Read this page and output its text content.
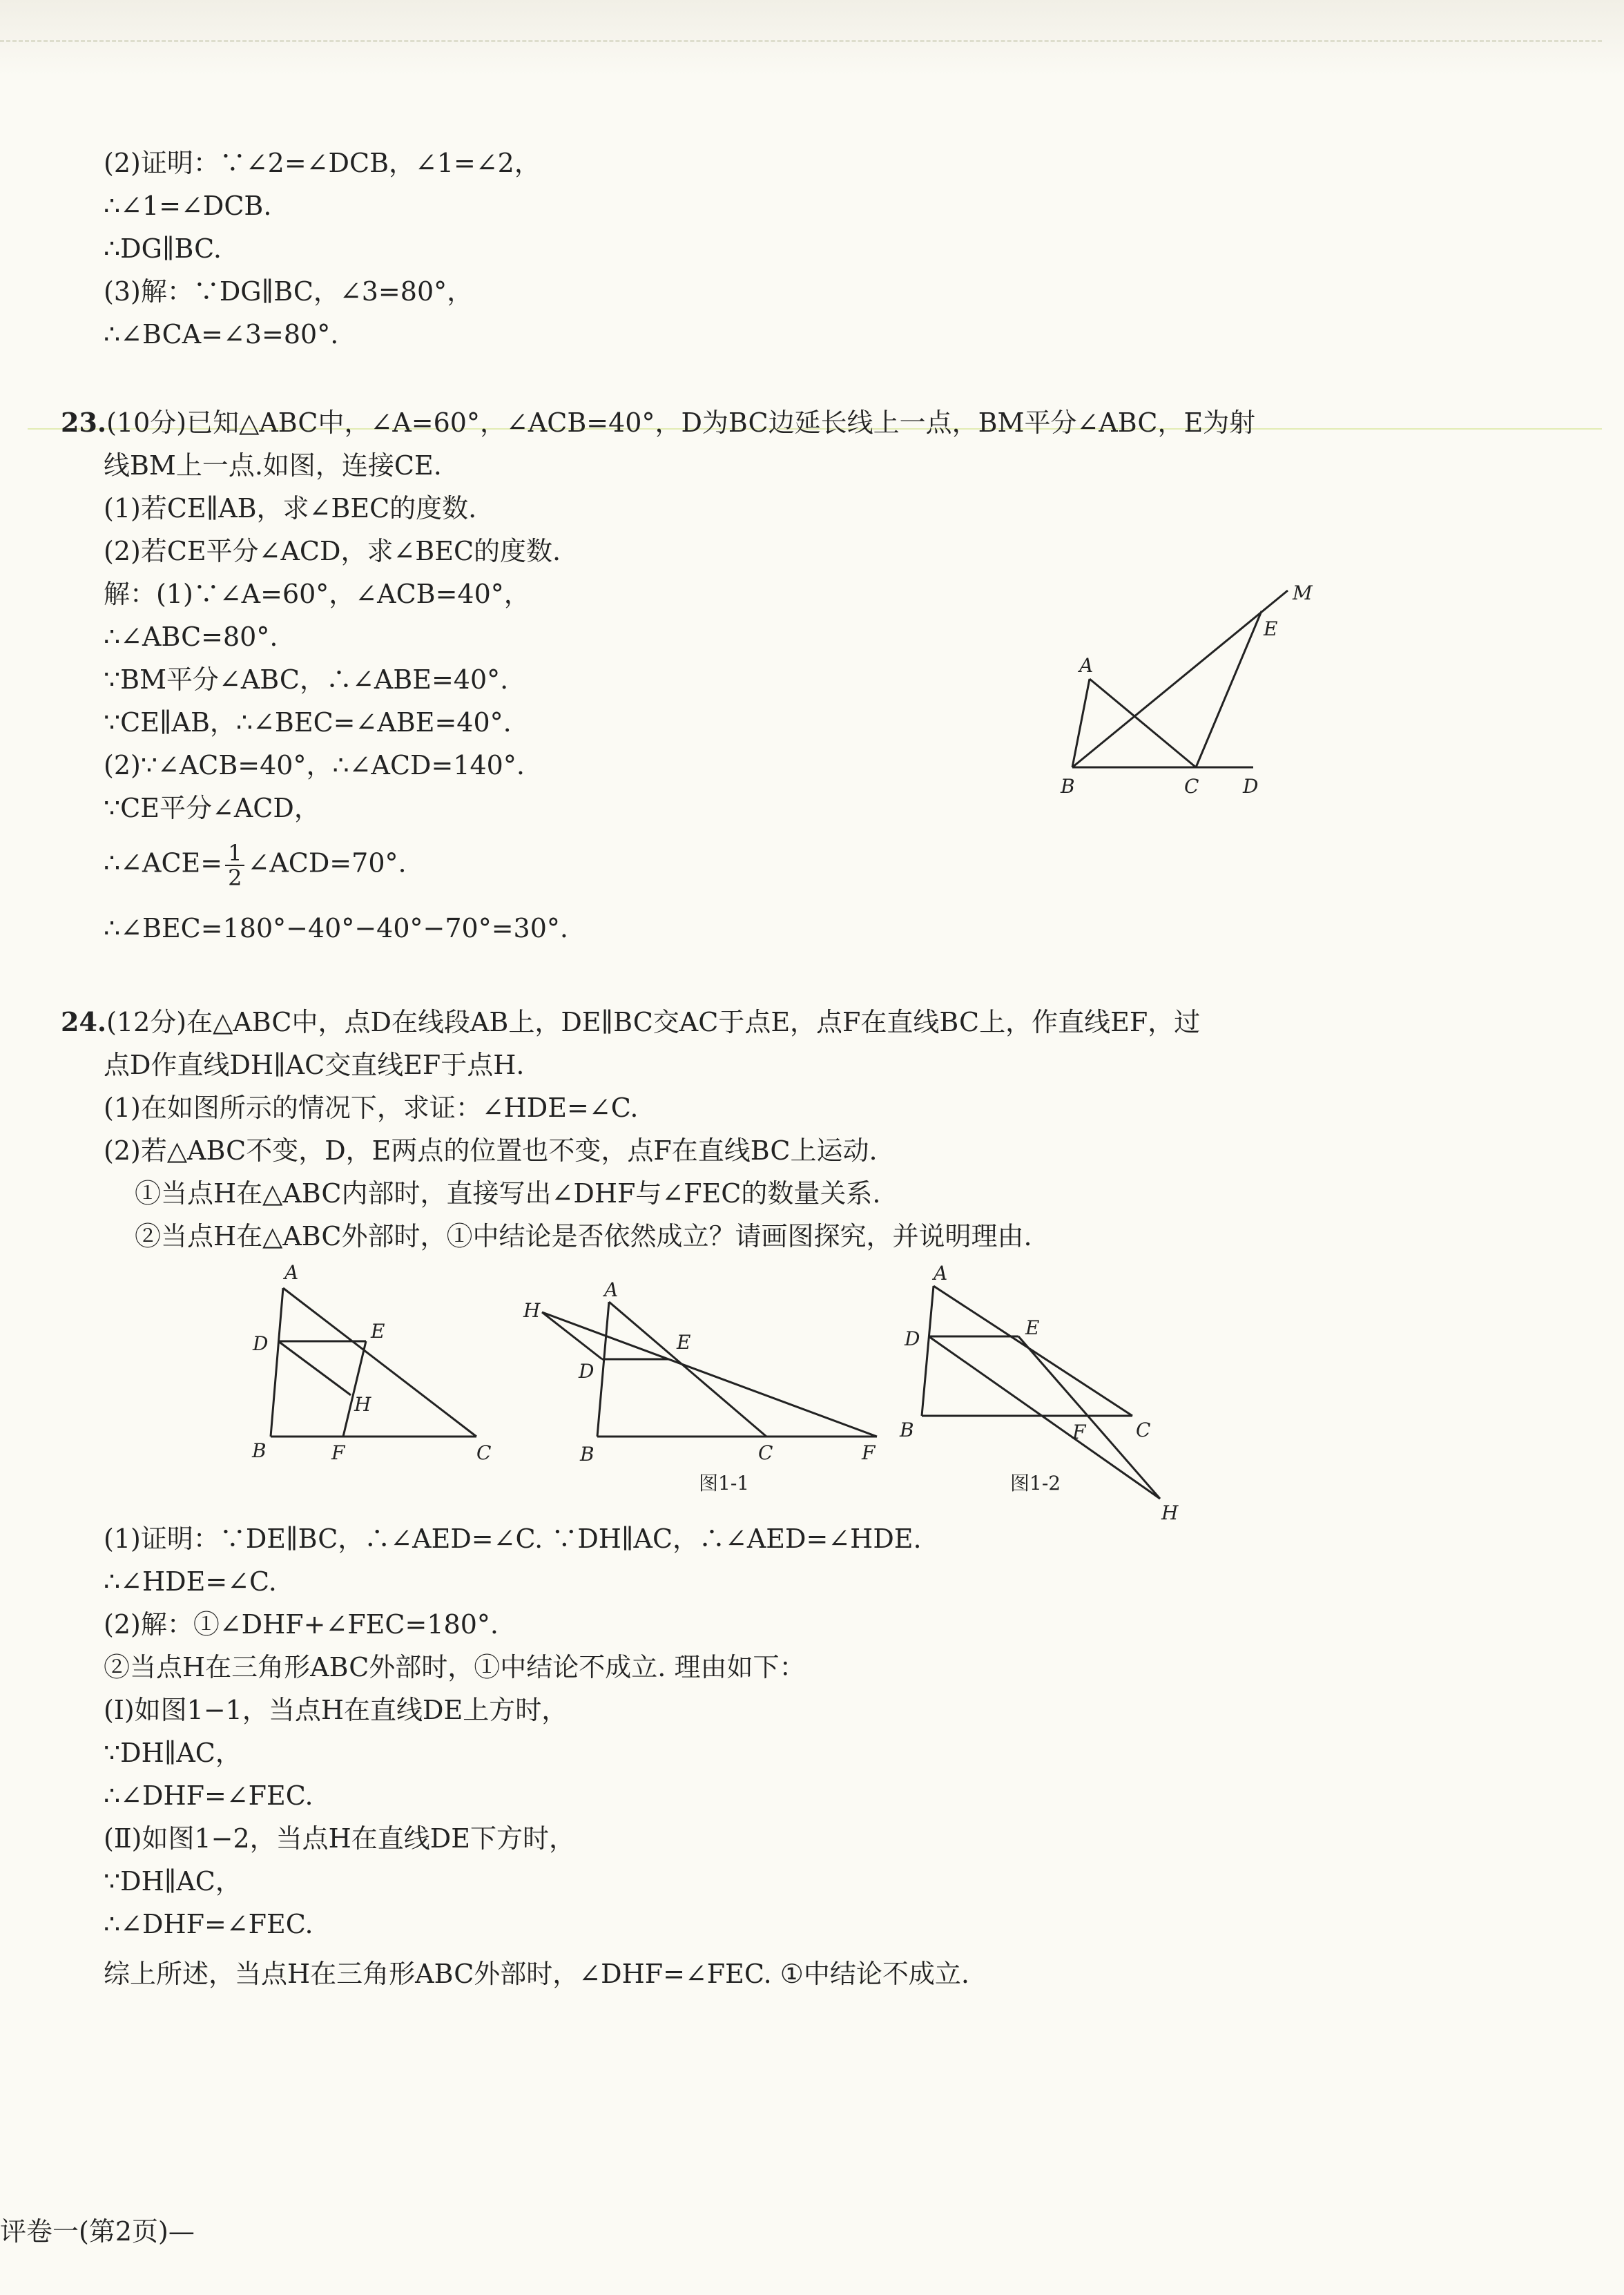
(2)证明：∵∠2=∠DCB，∠1=∠2，
∴∠1=∠DCB.
∴DG∥BC.
(3)解：∵DG∥BC，∠3=80°，
∴∠BCA=∠3=80°.
23.(10分)已知△ABC中，∠A=60°，∠ACB=40°，D为BC边延长线上一点，BM平分∠ABC，E为射
线BM上一点.如图，连接CE.
(1)若CE∥AB，求∠BEC的度数.
(2)若CE平分∠ACD，求∠BEC的度数.
解：(1)∵∠A=60°，∠ACB=40°，
∴∠ABC=80°.
∵BM平分∠ABC，∴∠ABE=40°.
∵CE∥AB，∴∠BEC=∠ABE=40°.
(2)∵∠ACB=40°，∴∠ACD=140°.
∵CE平分∠ACD，
∴∠ACE= $\frac{1}{2}$ ∠ACD=70°.
∴∠BEC=180°−40°−40°−70°=30°.
A
B	C D
E
M
24.(12分)在△ABC中，点D在线段AB上，DE∥BC交AC于点E，点F在直线BC上，作直线EF，过
点D作直线DH∥AC交直线EF于点H.
(1)在如图所示的情况下，求证：∠HDE=∠C.
(2)若△ABC不变，D，E两点的位置也不变，点F在直线BC上运动.
①当点H在△ABC内部时，直接写出∠DHF与∠FEC的数量关系.
②当点H在△ABC外部时，①中结论是否依然成立？请画图探究，并说明理由.
A
B	C
D
E
F
H
H
A
D
E
B	C	F
图1-1
A
D	E
B	F	C
H
图1-2
(1)证明：∵DE∥BC，∴∠AED=∠C. ∵DH∥AC，∴∠AED=∠HDE.
∴∠HDE=∠C.
(2)解：①∠DHF+∠FEC=180°.
②当点H在三角形ABC外部时，①中结论不成立. 理由如下：
(Ⅰ)如图1−1，当点H在直线DE上方时，
∵DH∥AC，
∴∠DHF=∠FEC.
(Ⅱ)如图1−2，当点H在直线DE下方时，
∵DH∥AC，
∴∠DHF=∠FEC.
综上所述，当点H在三角形ABC外部时，∠DHF=∠FEC. ①中结论不成立.
评卷一(第2页)—
